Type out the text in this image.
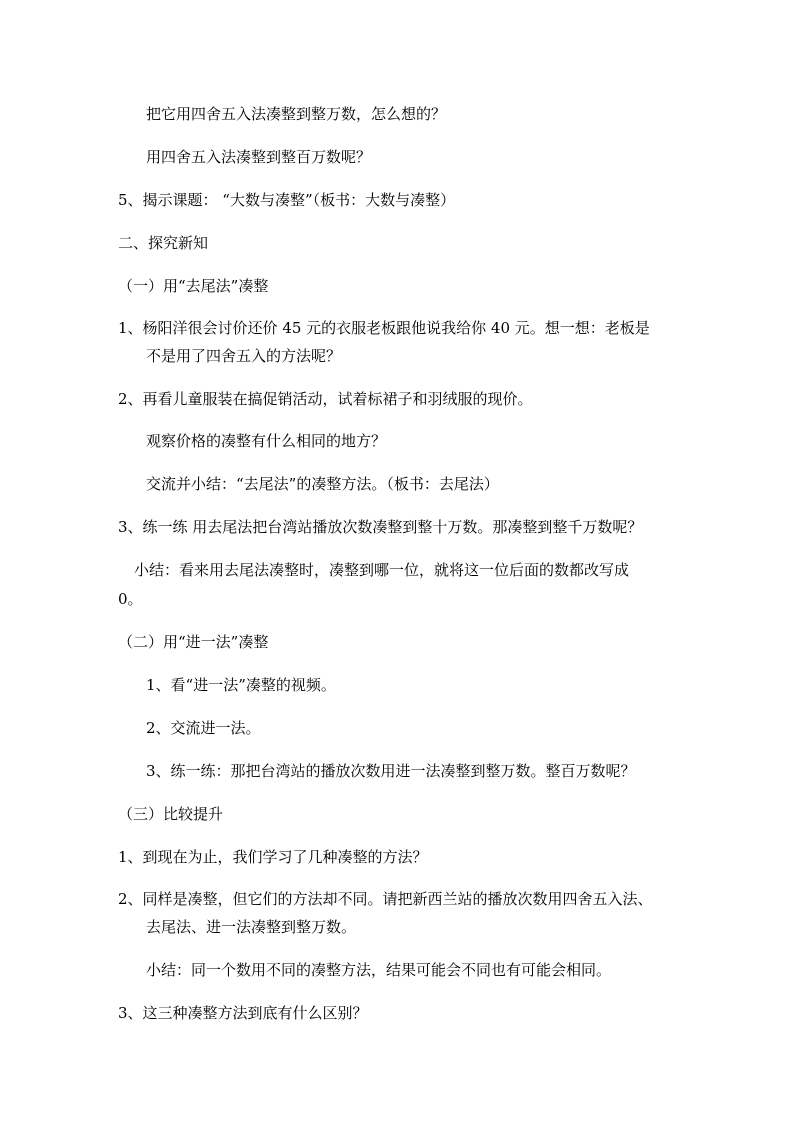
把它用四舍五入法凑整到整万数，怎么想的？
用四舍五入法凑整到整百万数呢？
5、揭示课题： “大数与凑整”（板书：大数与凑整）
二、探究新知
（一）用“去尾法”凑整
1、杨阳洋很会讨价还价 45 元的衣服老板跟他说我给你 40 元。想一想：老板是
不是用了四舍五入的方法呢？
2、再看儿童服装在搞促销活动，试着标裙子和羽绒服的现价。
观察价格的凑整有什么相同的地方？
交流并小结：“去尾法”的凑整方法。（板书：去尾法）
3、练一练 用去尾法把台湾站播放次数凑整到整十万数。那凑整到整千万数呢？
小结：看来用去尾法凑整时，凑整到哪一位，就将这一位后面的数都改写成
0。
（二）用“进一法”凑整
1、看“进一法”凑整的视频。
2、交流进一法。
3、练一练：那把台湾站的播放次数用进一法凑整到整万数。整百万数呢？
（三）比较提升
1、到现在为止，我们学习了几种凑整的方法？
2、同样是凑整，但它们的方法却不同。请把新西兰站的播放次数用四舍五入法、
去尾法、进一法凑整到整万数。
小结：同一个数用不同的凑整方法，结果可能会不同也有可能会相同。
3、这三种凑整方法到底有什么区别？
